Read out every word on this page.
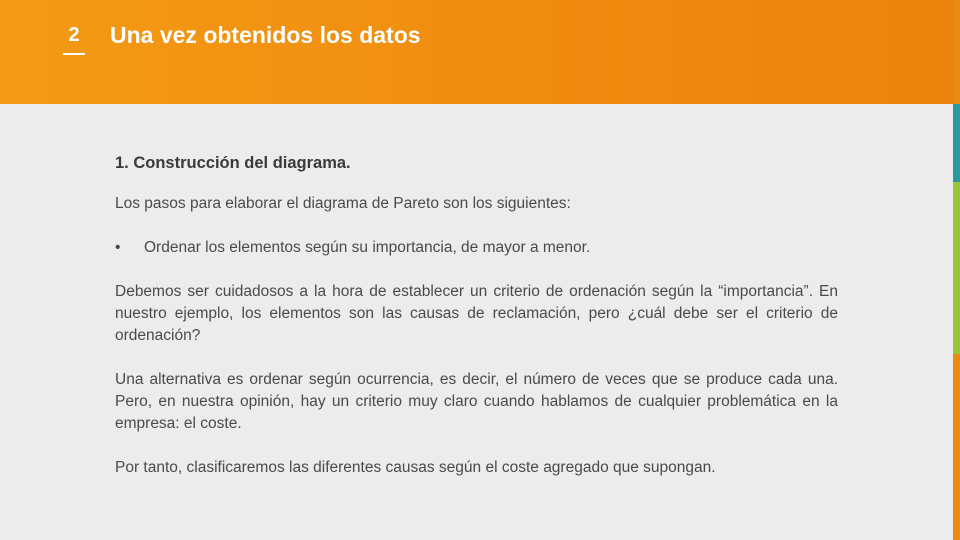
2 Una vez obtenidos los datos
1. Construcción del diagrama.
Los pasos para elaborar el diagrama de Pareto son los siguientes:
•	Ordenar los elementos según su importancia, de mayor a menor.
Debemos ser cuidadosos a la hora de establecer un criterio de ordenación según la “importancia”. En nuestro ejemplo, los elementos son las causas de reclamación, pero ¿cuál debe ser el criterio de ordenación?
Una alternativa es ordenar según ocurrencia, es decir, el número de veces que se produce cada una. Pero, en nuestra opinión, hay un criterio muy claro cuando hablamos de cualquier problemática en la empresa: el coste.
Por tanto, clasificaremos las diferentes causas según el coste agregado que supongan.
